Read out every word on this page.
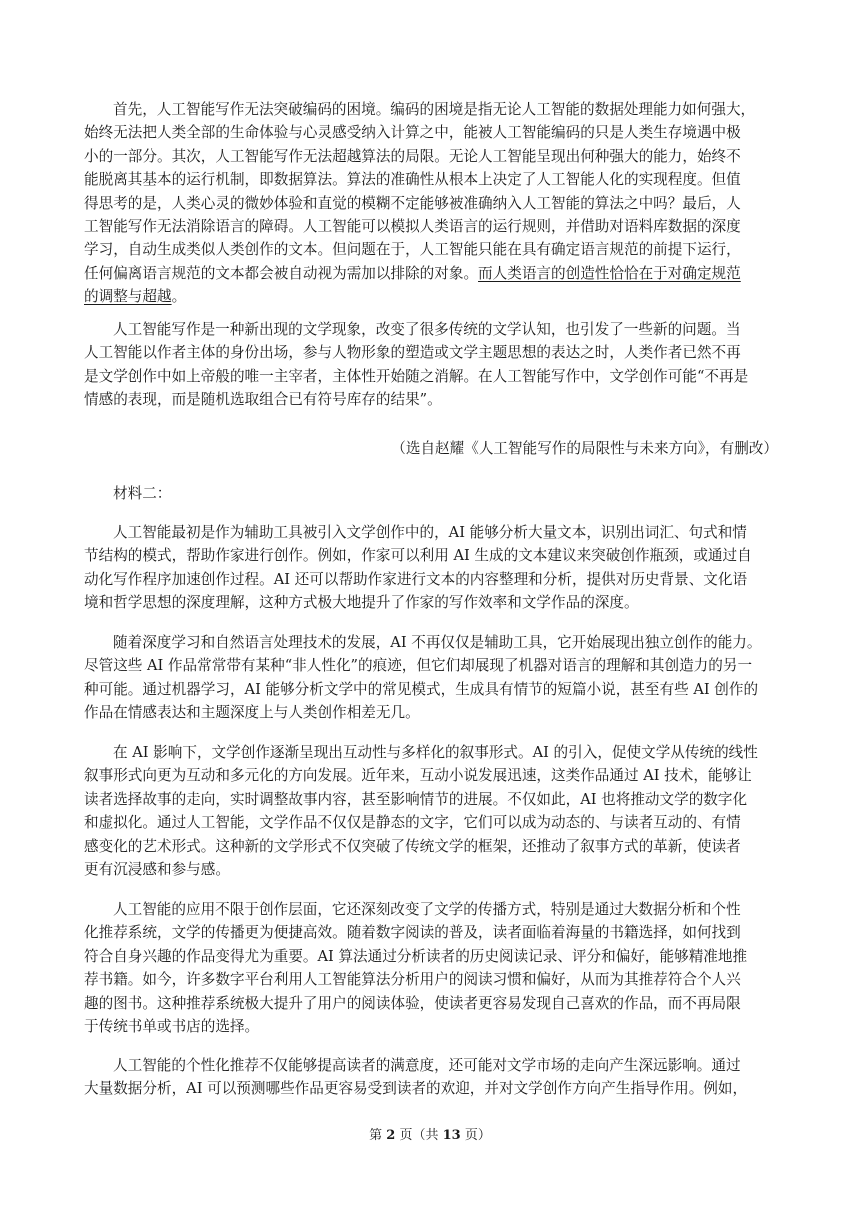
首先，人工智能写作无法突破编码的困境。编码的困境是指无论人工智能的数据处理能力如何强大，
始终无法把人类全部的生命体验与心灵感受纳入计算之中，能被人工智能编码的只是人类生存境遇中极
小的一部分。其次，人工智能写作无法超越算法的局限。无论人工智能呈现出何种强大的能力，始终不
能脱离其基本的运行机制，即数据算法。算法的准确性从根本上决定了人工智能人化的实现程度。但值
得思考的是，人类心灵的微妙体验和直觉的模糊不定能够被准确纳入人工智能的算法之中吗？最后，人
工智能写作无法消除语言的障碍。人工智能可以模拟人类语言的运行规则，并借助对语料库数据的深度
学习，自动生成类似人类创作的文本。但问题在于，人工智能只能在具有确定语言规范的前提下运行，
任何偏离语言规范的文本都会被自动视为需加以排除的对象。而人类语言的创造性恰恰在于对确定规范
的调整与超越。
人工智能写作是一种新出现的文学现象，改变了很多传统的文学认知，也引发了一些新的问题。当
人工智能以作者主体的身份出场，参与人物形象的塑造或文学主题思想的表达之时，人类作者已然不再
是文学创作中如上帝般的唯一主宰者，主体性开始随之消解。在人工智能写作中，文学创作可能“不再是
情感的表现，而是随机选取组合已有符号库存的结果”。
（选自赵耀《人工智能写作的局限性与未来方向》，有删改）
材料二：
人工智能最初是作为辅助工具被引入文学创作中的，AI 能够分析大量文本，识别出词汇、句式和情
节结构的模式，帮助作家进行创作。例如，作家可以利用 AI 生成的文本建议来突破创作瓶颈，或通过自
动化写作程序加速创作过程。AI 还可以帮助作家进行文本的内容整理和分析，提供对历史背景、文化语
境和哲学思想的深度理解，这种方式极大地提升了作家的写作效率和文学作品的深度。
随着深度学习和自然语言处理技术的发展，AI 不再仅仅是辅助工具，它开始展现出独立创作的能力。
尽管这些 AI 作品常常带有某种“非人性化”的痕迹，但它们却展现了机器对语言的理解和其创造力的另一
种可能。通过机器学习，AI 能够分析文学中的常见模式，生成具有情节的短篇小说，甚至有些 AI 创作的
作品在情感表达和主题深度上与人类创作相差无几。
在 AI 影响下，文学创作逐渐呈现出互动性与多样化的叙事形式。AI 的引入，促使文学从传统的线性
叙事形式向更为互动和多元化的方向发展。近年来，互动小说发展迅速，这类作品通过 AI 技术，能够让
读者选择故事的走向，实时调整故事内容，甚至影响情节的进展。不仅如此，AI 也将推动文学的数字化
和虚拟化。通过人工智能，文学作品不仅仅是静态的文字，它们可以成为动态的、与读者互动的、有情
感变化的艺术形式。这种新的文学形式不仅突破了传统文学的框架，还推动了叙事方式的革新，使读者
更有沉浸感和参与感。
人工智能的应用不限于创作层面，它还深刻改变了文学的传播方式，特别是通过大数据分析和个性
化推荐系统，文学的传播更为便捷高效。随着数字阅读的普及，读者面临着海量的书籍选择，如何找到
符合自身兴趣的作品变得尤为重要。AI 算法通过分析读者的历史阅读记录、评分和偏好，能够精准地推
荐书籍。如今，许多数字平台利用人工智能算法分析用户的阅读习惯和偏好，从而为其推荐符合个人兴
趣的图书。这种推荐系统极大提升了用户的阅读体验，使读者更容易发现自己喜欢的作品，而不再局限
于传统书单或书店的选择。
人工智能的个性化推荐不仅能够提高读者的满意度，还可能对文学市场的走向产生深远影响。通过
大量数据分析，AI 可以预测哪些作品更容易受到读者的欢迎，并对文学创作方向产生指导作用。例如，
第 2 页（共 13 页）
